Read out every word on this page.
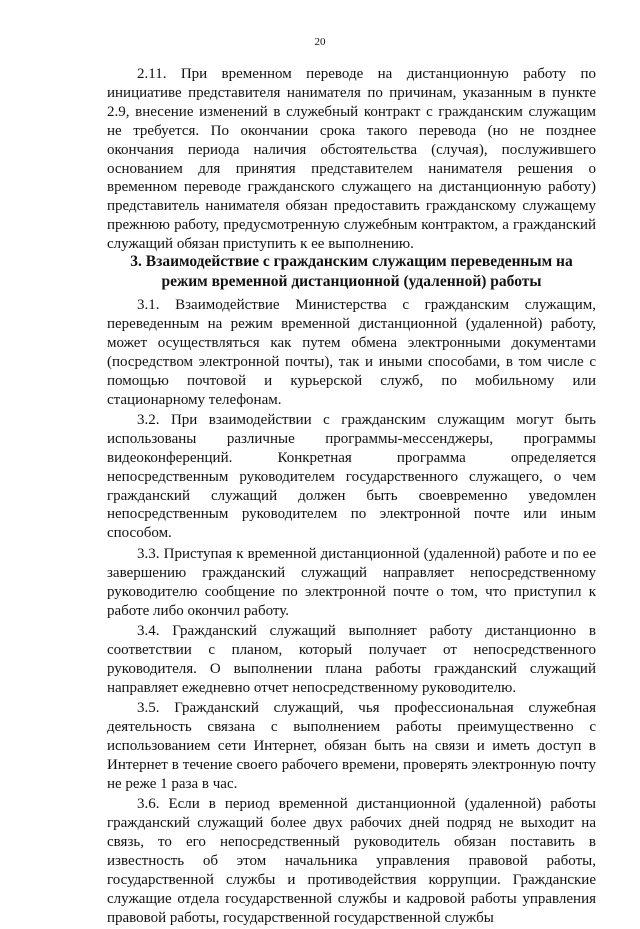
20

2.11. При временном переводе на дистанционную работу по инициативе представителя нанимателя по причинам, указанным в пункте 2.9, внесение изменений в служебный контракт с гражданским служащим не требуется. По окончании срока такого перевода (но не позднее окончания периода наличия обстоятельства (случая), послужившего основанием для принятия представителем нанимателя решения о временном переводе гражданского служащего на дистанционную работу) представитель нанимателя обязан предоставить гражданскому служащему прежнюю работу, предусмотренную служебным контрактом, а гражданский служащий обязан приступить к ее выполнению.

3. Взаимодействие с гражданским служащим переведенным на
режим временной дистанционной (удаленной) работы

3.1. Взаимодействие Министерства с гражданским служащим, переведенным на режим временной дистанционной (удаленной) работу, может осуществляться как путем обмена электронными документами (посредством электронной почты), так и иными способами, в том числе с помощью почтовой и курьерской служб, по мобильному или стационарному телефонам.

3.2. При взаимодействии с гражданским служащим могут быть использованы различные программы-мессенджеры, программы видеоконференций. Конкретная программа определяется непосредственным руководителем государственного служащего, о чем гражданский служащий должен быть своевременно уведомлен непосредственным руководителем по электронной почте или иным способом.

3.3. Приступая к временной дистанционной (удаленной) работе и по ее завершению гражданский служащий направляет непосредственному руководителю сообщение по электронной почте о том, что приступил к работе либо окончил работу.

3.4. Гражданский служащий выполняет работу дистанционно в соответствии с планом, который получает от непосредственного руководителя. О выполнении плана работы гражданский служащий направляет ежедневно отчет непосредственному руководителю.

3.5. Гражданский служащий, чья профессиональная служебная деятельность связана с выполнением работы преимущественно с использованием сети Интернет, обязан быть на связи и иметь доступ в Интернет в течение своего рабочего времени, проверять электронную почту не реже 1 раза в час.

3.6. Если в период временной дистанционной (удаленной) работы гражданский служащий более двух рабочих дней подряд не выходит на связь, то его непосредственный руководитель обязан поставить в известность об этом начальника управления правовой работы, государственной службы и противодействия коррупции. Граждaнские служащие отдела государственной службы и кадровой работы управления правовой работы, государственной государственной службы
